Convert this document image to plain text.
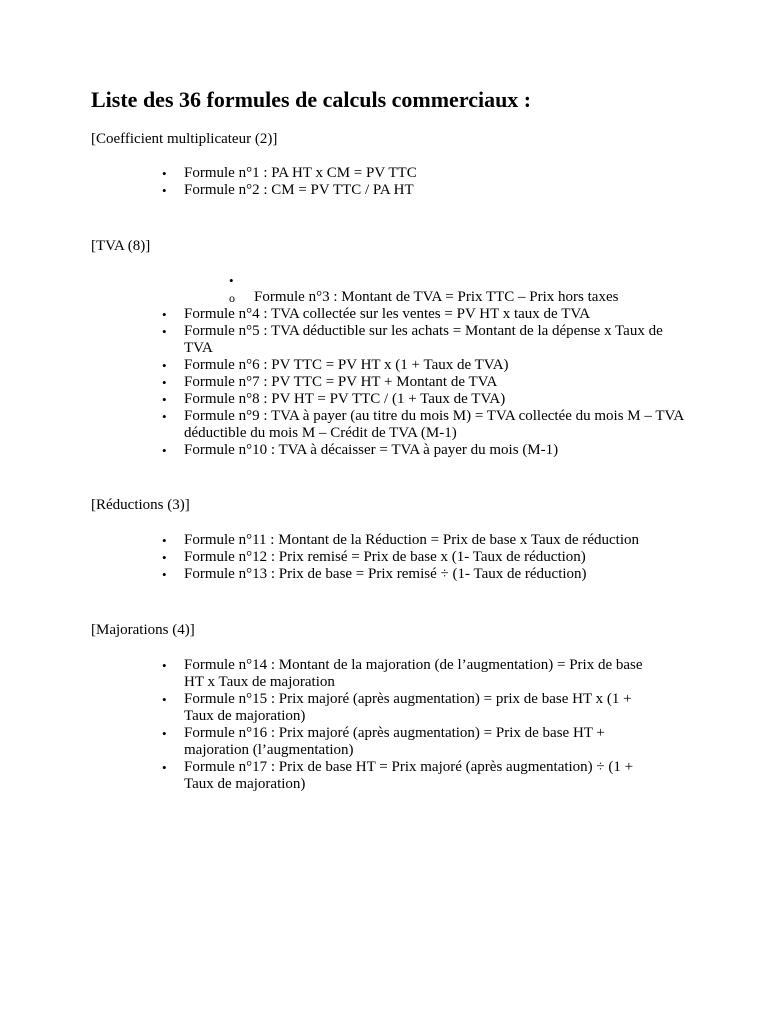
Liste des 36 formules de calculs commerciaux :

[Coefficient multiplicateur (2)]

• Formule n°1 : PA HT x CM = PV TTC
• Formule n°2 : CM = PV TTC / PA HT

[TVA (8)]

•
o Formule n°3 : Montant de TVA = Prix TTC – Prix hors taxes
• Formule n°4 : TVA collectée sur les ventes = PV HT x taux de TVA
• Formule n°5 : TVA déductible sur les achats = Montant de la dépense x Taux de TVA
• Formule n°6 : PV TTC = PV HT x (1 + Taux de TVA)
• Formule n°7 : PV TTC = PV HT + Montant de TVA
• Formule n°8 : PV HT = PV TTC / (1 + Taux de TVA)
• Formule n°9 : TVA à payer (au titre du mois M) = TVA collectée du mois M – TVA déductible du mois M – Crédit de TVA (M-1)
• Formule n°10 : TVA à décaisser = TVA à payer du mois (M-1)

[Réductions (3)]

• Formule n°11 : Montant de la Réduction = Prix de base x Taux de réduction
• Formule n°12 : Prix remisé = Prix de base x (1- Taux de réduction)
• Formule n°13 : Prix de base = Prix remisé ÷ (1- Taux de réduction)

[Majorations (4)]

• Formule n°14 : Montant de la majoration (de l’augmentation) = Prix de base HT x Taux de majoration
• Formule n°15 : Prix majoré (après augmentation) = prix de base HT x (1 + Taux de majoration)
• Formule n°16 : Prix majoré (après augmentation) = Prix de base HT + majoration (l’augmentation)
• Formule n°17 : Prix de base HT = Prix majoré (après augmentation) ÷ (1 + Taux de majoration)
